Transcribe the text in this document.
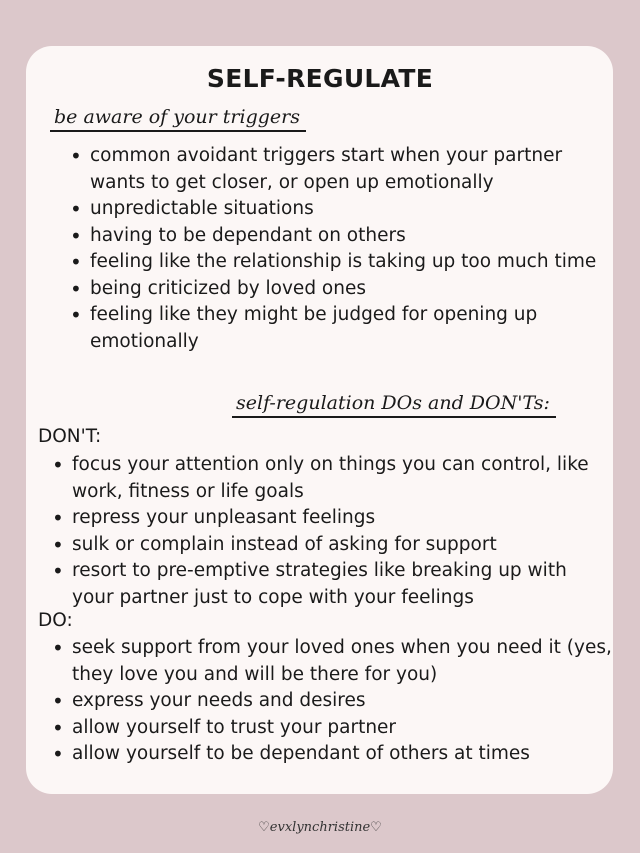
SELF-REGULATE
be aware of your triggers
• common avoidant triggers start when your partner wants to get closer, or open up emotionally
• unpredictable situations
• having to be dependant on others
• feeling like the relationship is taking up too much time
• being criticized by loved ones
• feeling like they might be judged for opening up emotionally
self-regulation DOs and DON'Ts:
DON'T:
• focus your attention only on things you can control, like work, fitness or life goals
• repress your unpleasant feelings
• sulk or complain instead of asking for support
• resort to pre-emptive strategies like breaking up with your partner just to cope with your feelings
DO:
• seek support from your loved ones when you need it (yes, they love you and will be there for you)
• express your needs and desires
• allow yourself to trust your partner
• allow yourself to be dependant of others at times
♡evxlynchristine♡
